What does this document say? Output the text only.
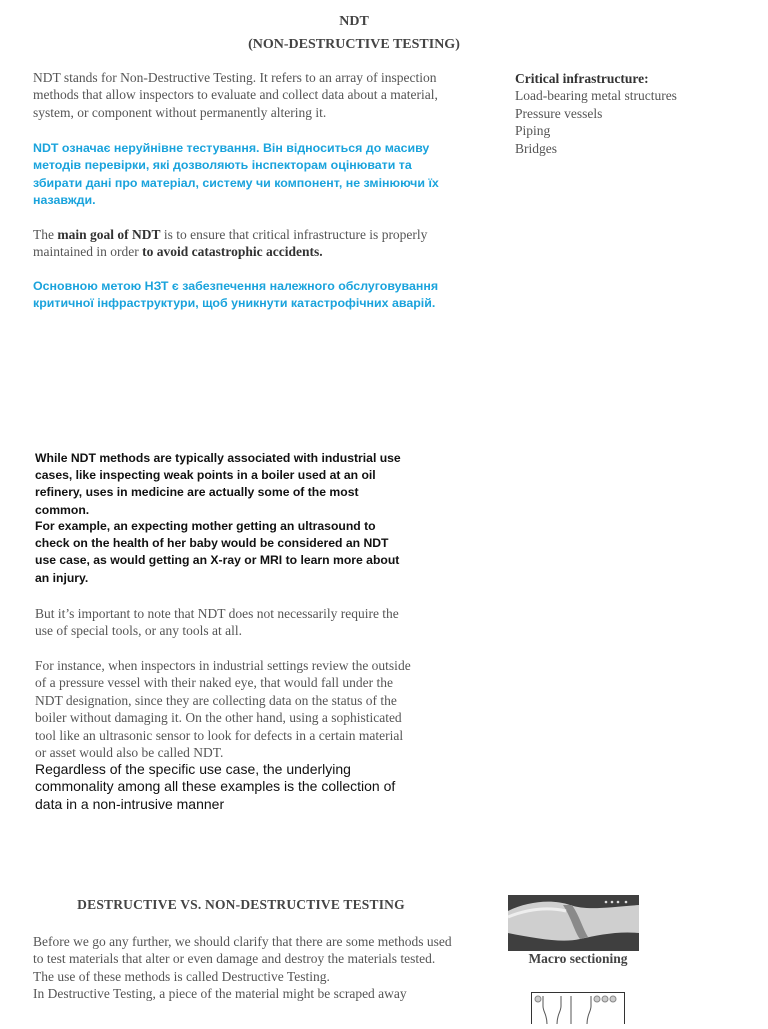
NDT
(NON-DESTRUCTIVE TESTING)
NDT stands for Non-Destructive Testing. It refers to an array of inspection methods that allow inspectors to evaluate and collect data about a material, system, or component without permanently altering it.
NDT означає неруйнівне тестування. Він відноситься до масиву методів перевірки, які дозволяють інспекторам оцінювати та збирати дані про матеріал, систему чи компонент, не змінюючи їх назавжди.
The main goal of NDT is to ensure that critical infrastructure is properly maintained in order to avoid catastrophic accidents.
Основною метою НЗТ є забезпечення належного обслуговування критичної інфраструктури, щоб уникнути катастрофічних аварій.
Critical infrastructure:
Load-bearing metal structures
Pressure vessels
Piping
Bridges
While NDT methods are typically associated with industrial use cases, like inspecting weak points in a boiler used at an oil refinery, uses in medicine are actually some of the most common.
For example, an expecting mother getting an ultrasound to check on the health of her baby would be considered an NDT use case, as would getting an X-ray or MRI to learn more about an injury.
But it’s important to note that NDT does not necessarily require the use of special tools, or any tools at all.
For instance, when inspectors in industrial settings review the outside of a pressure vessel with their naked eye, that would fall under the NDT designation, since they are collecting data on the status of the boiler without damaging it. On the other hand, using a sophisticated tool like an ultrasonic sensor to look for defects in a certain material or asset would also be called NDT.
Regardless of the specific use case, the underlying commonality among all these examples is the collection of data in a non-intrusive manner
DESTRUCTIVE VS. NON-DESTRUCTIVE TESTING
Before we go any further, we should clarify that there are some methods used to test materials that alter or even damage and destroy the materials tested.
The use of these methods is called Destructive Testing.
In Destructive Testing, a piece of the material might be scraped away
Macro sectioning
